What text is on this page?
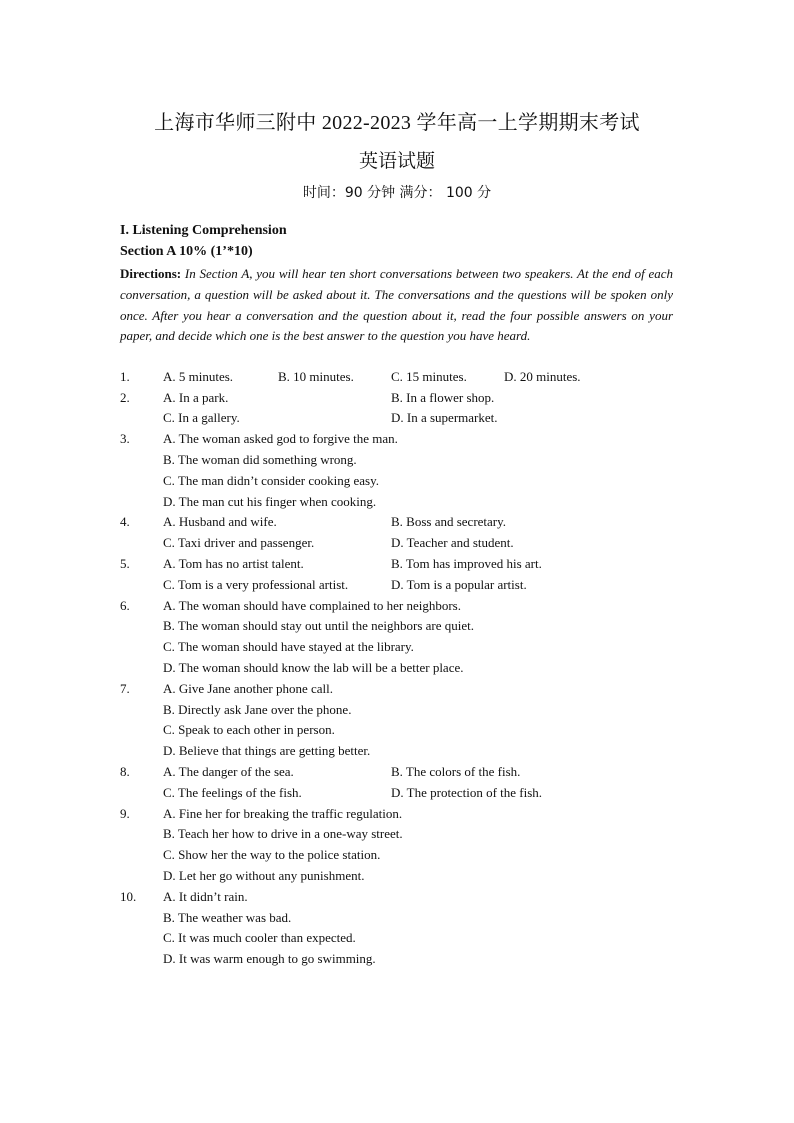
上海市华师三附中 2022-2023 学年高一上学期期末考试
英语试题
时间：90 分钟 满分： 100 分
I. Listening Comprehension
Section A 10% (1’*10)
Directions: In Section A, you will hear ten short conversations between two speakers. At the end of each conversation, a question will be asked about it. The conversations and the questions will be spoken only once. After you hear a conversation and the question about it, read the four possible answers on your paper, and decide which one is the best answer to the question you have heard.
1.	A. 5 minutes.	B. 10 minutes.	C. 15 minutes.	D. 20 minutes.
2.	A. In a park.	B. In a flower shop.
C. In a gallery.	D. In a supermarket.
3.	A. The woman asked god to forgive the man.
B. The woman did something wrong.
C. The man didn’t consider cooking easy.
D. The man cut his finger when cooking.
4.	A. Husband and wife.	B. Boss and secretary.
C. Taxi driver and passenger.	D. Teacher and student.
5.	A. Tom has no artist talent.	B. Tom has improved his art.
C. Tom is a very professional artist.	D. Tom is a popular artist.
6.	A. The woman should have complained to her neighbors.
B. The woman should stay out until the neighbors are quiet.
C. The woman should have stayed at the library.
D. The woman should know the lab will be a better place.
7.	A. Give Jane another phone call.
B. Directly ask Jane over the phone.
C. Speak to each other in person.
D. Believe that things are getting better.
8.	A. The danger of the sea.	B. The colors of the fish.
C. The feelings of the fish.	D. The protection of the fish.
9.	A. Fine her for breaking the traffic regulation.
B. Teach her how to drive in a one-way street.
C. Show her the way to the police station.
D. Let her go without any punishment.
10. A. It didn’t rain.
B. The weather was bad.
C. It was much cooler than expected.
D. It was warm enough to go swimming.
